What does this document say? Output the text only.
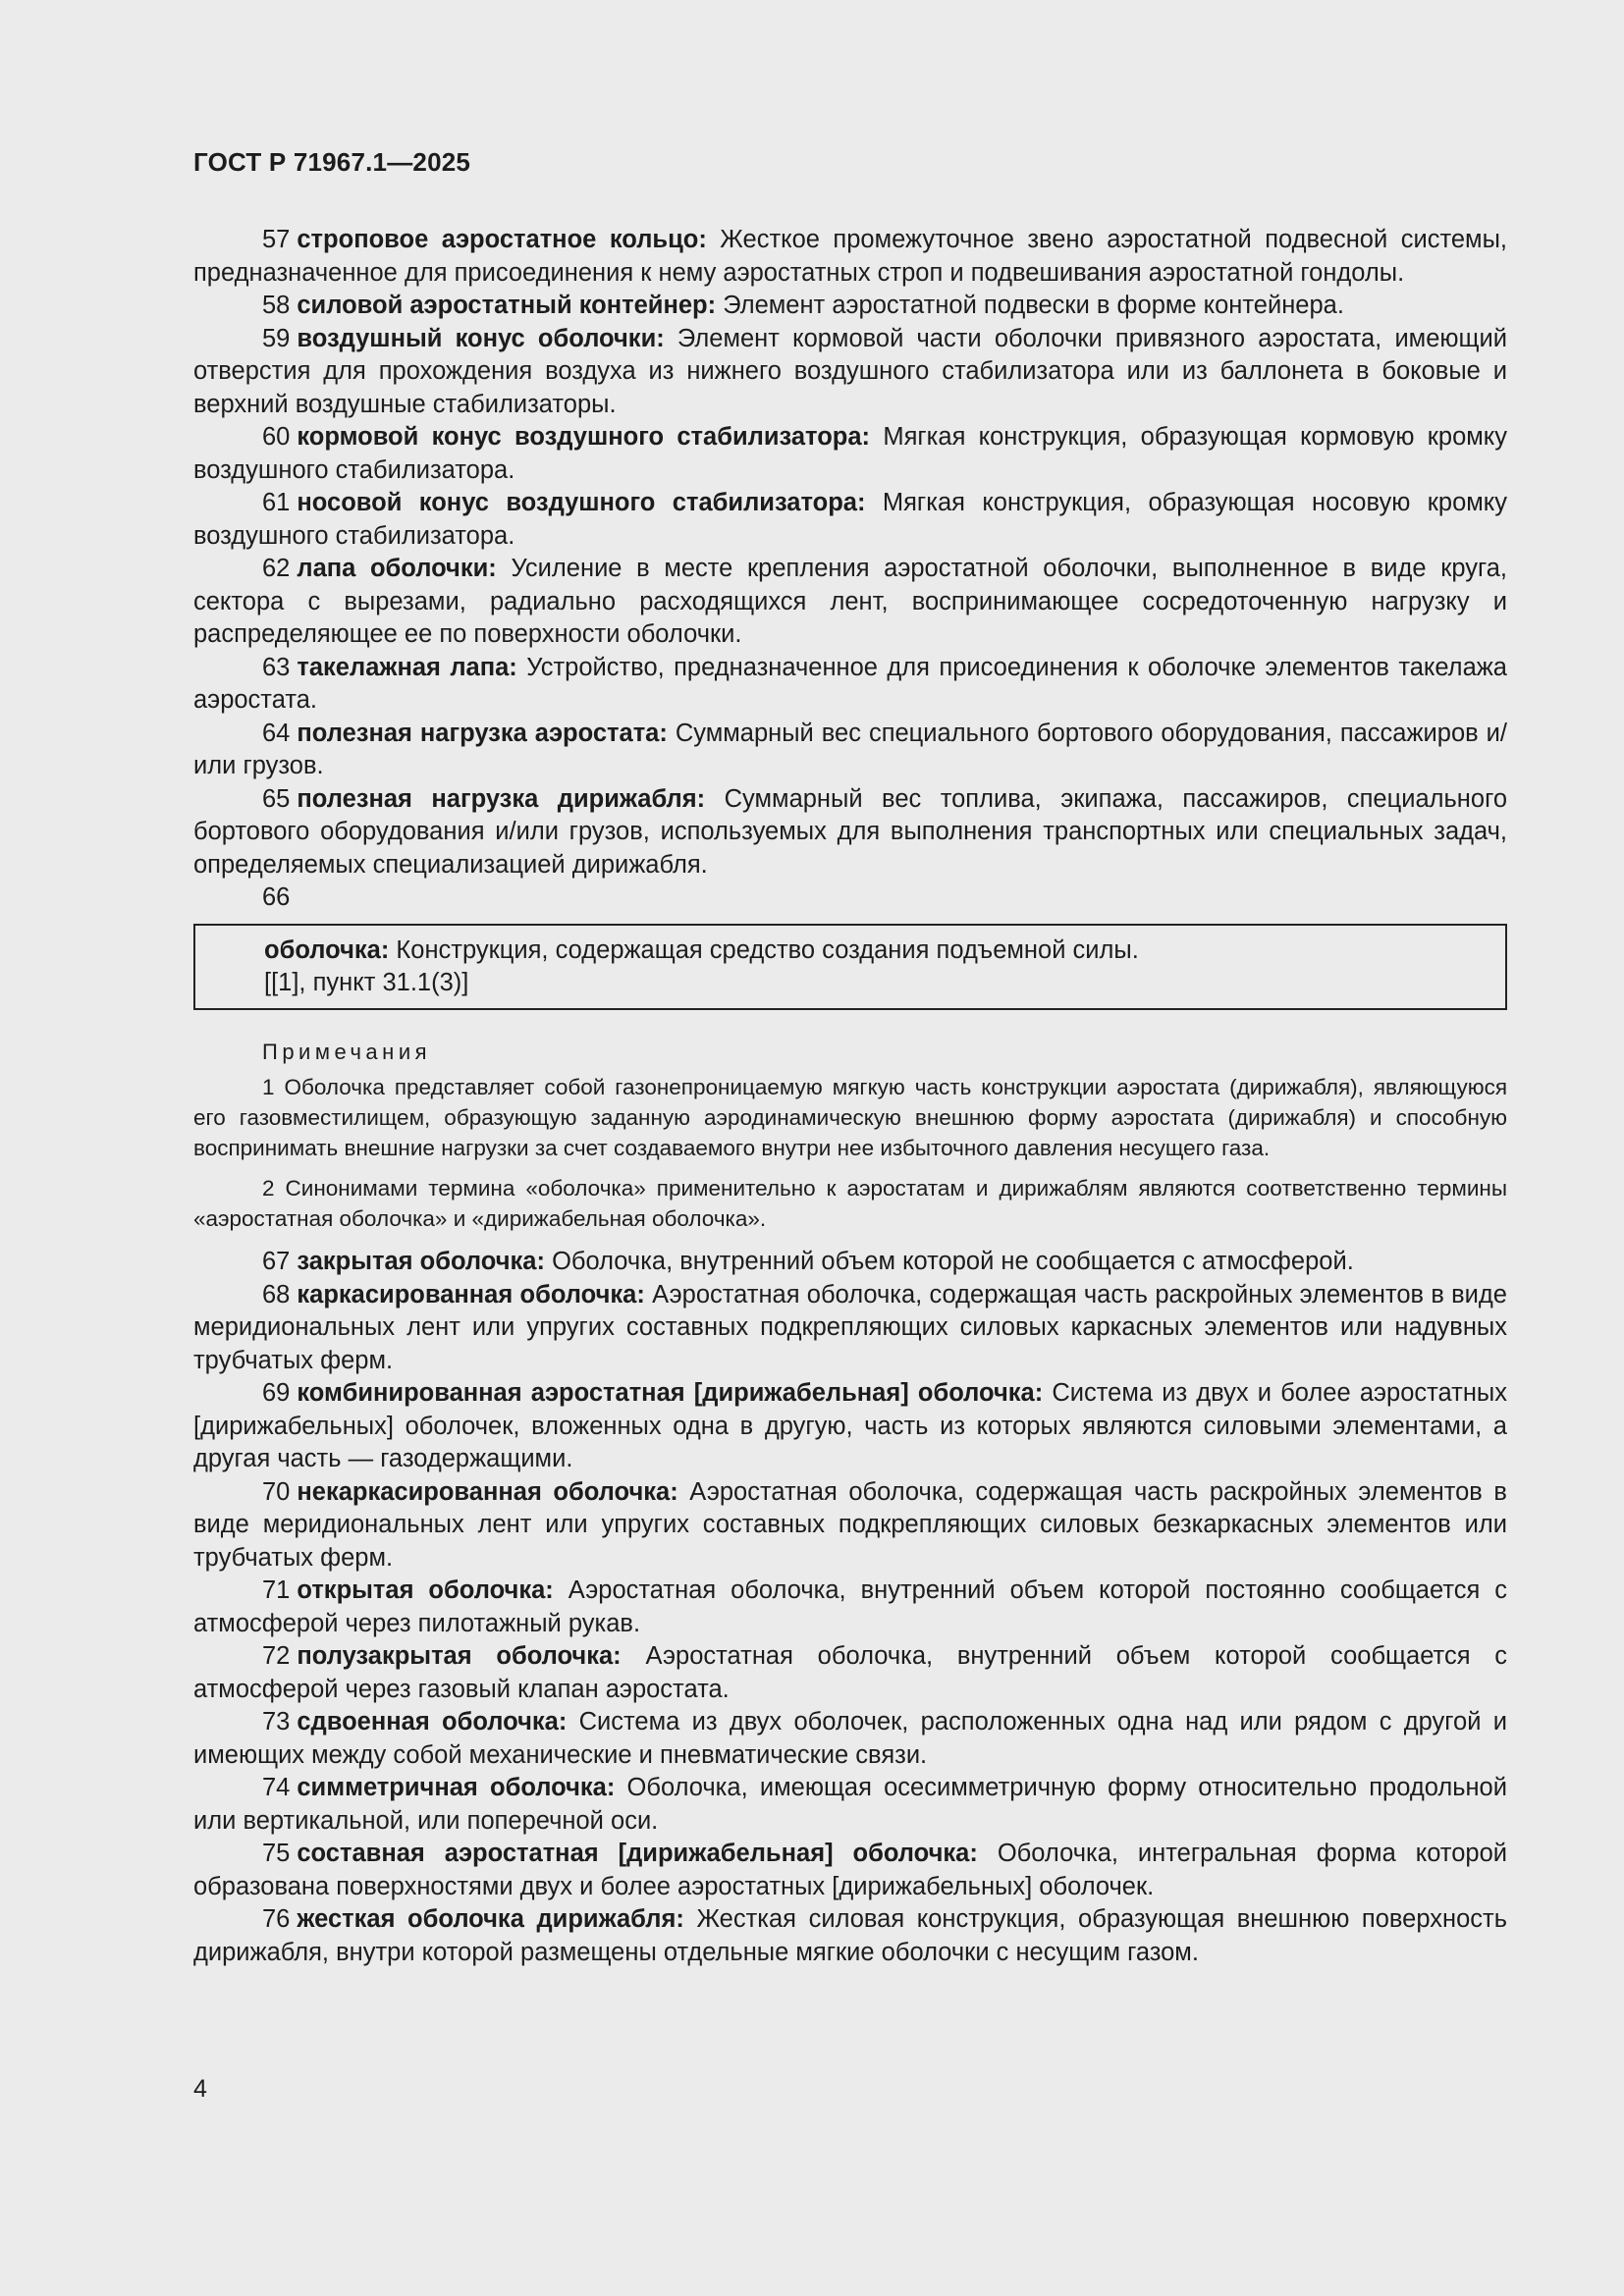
ГОСТ Р 71967.1—2025

57 строповое аэростатное кольцо: Жесткое промежуточное звено аэростатной подвесной системы, предназначенное для присоединения к нему аэростатных строп и подвешивания аэростатной гондолы.

58 силовой аэростатный контейнер: Элемент аэростатной подвески в форме контейнера.

59 воздушный конус оболочки: Элемент кормовой части оболочки привязного аэростата, имеющий отверстия для прохождения воздуха из нижнего воздушного стабилизатора или из баллонета в боковые и верхний воздушные стабилизаторы.

60 кормовой конус воздушного стабилизатора: Мягкая конструкция, образующая кормовую кромку воздушного стабилизатора.

61 носовой конус воздушного стабилизатора: Мягкая конструкция, образующая носовую кромку воздушного стабилизатора.

62 лапа оболочки: Усиление в месте крепления аэростатной оболочки, выполненное в виде круга, сектора с вырезами, радиально расходящихся лент, воспринимающее сосредоточенную нагрузку и распределяющее ее по поверхности оболочки.

63 такелажная лапа: Устройство, предназначенное для присоединения к оболочке элементов такелажа аэростата.

64 полезная нагрузка аэростата: Суммарный вес специального бортового оборудования, пассажиров и/или грузов.

65 полезная нагрузка дирижабля: Суммарный вес топлива, экипажа, пассажиров, специального бортового оборудования и/или грузов, используемых для выполнения транспортных или специальных задач, определяемых специализацией дирижабля.

66

оболочка: Конструкция, содержащая средство создания подъемной силы.

[[1], пункт 31.1(3)]

Примечания

1 Оболочка представляет собой газонепроницаемую мягкую часть конструкции аэростата (дирижабля), являющуюся его газовместилищем, образующую заданную аэродинамическую внешнюю форму аэростата (дирижабля) и способную воспринимать внешние нагрузки за счет создаваемого внутри нее избыточного давления несущего газа.

2 Синонимами термина «оболочка» применительно к аэростатам и дирижаблям являются соответственно термины «аэростатная оболочка» и «дирижабельная оболочка».

67 закрытая оболочка: Оболочка, внутренний объем которой не сообщается с атмосферой.

68 каркасированная оболочка: Аэростатная оболочка, содержащая часть раскройных элементов в виде меридиональных лент или упругих составных подкрепляющих силовых каркасных элементов или надувных трубчатых ферм.

69 комбинированная аэростатная [дирижабельная] оболочка: Система из двух и более аэростатных [дирижабельных] оболочек, вложенных одна в другую, часть из которых являются силовыми элементами, а другая часть — газодержащими.

70 некаркасированная оболочка: Аэростатная оболочка, содержащая часть раскройных элементов в виде меридиональных лент или упругих составных подкрепляющих силовых безкаркасных элементов или трубчатых ферм.

71 открытая оболочка: Аэростатная оболочка, внутренний объем которой постоянно сообщается с атмосферой через пилотажный рукав.

72 полузакрытая оболочка: Аэростатная оболочка, внутренний объем которой сообщается с атмосферой через газовый клапан аэростата.

73 сдвоенная оболочка: Система из двух оболочек, расположенных одна над или рядом с другой и имеющих между собой механические и пневматические связи.

74 симметричная оболочка: Оболочка, имеющая осесимметричную форму относительно продольной или вертикальной, или поперечной оси.

75 составная аэростатная [дирижабельная] оболочка: Оболочка, интегральная форма которой образована поверхностями двух и более аэростатных [дирижабельных] оболочек.

76 жесткая оболочка дирижабля: Жесткая силовая конструкция, образующая внешнюю поверхность дирижабля, внутри которой размещены отдельные мягкие оболочки с несущим газом.

4
